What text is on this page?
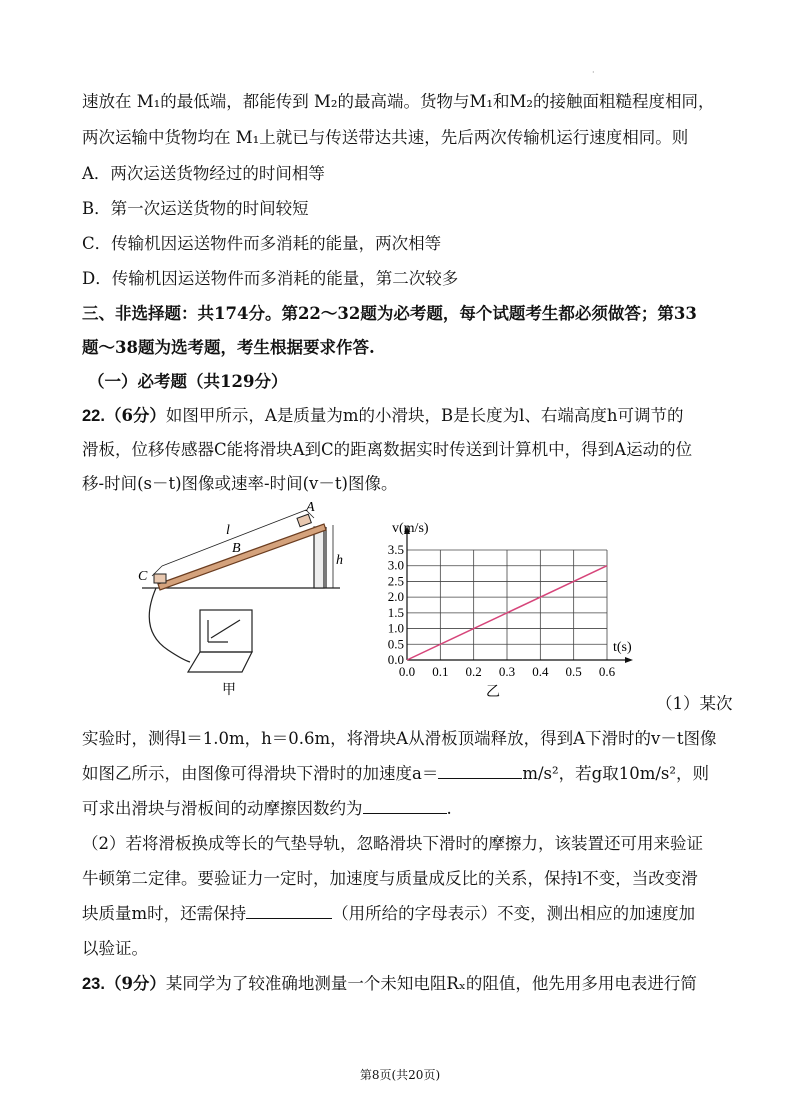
·
速放在 M₁的最低端，都能传到 M₂的最高端。货物与M₁和M₂的接触面粗糙程度相同，
两次运输中货物均在 M₁上就已与传送带达共速，先后两次传输机运行速度相同。则
A．两次运送货物经过的时间相等
B．第一次运送货物的时间较短
C．传输机因运送物件而多消耗的能量，两次相等
D．传输机因运送物件而多消耗的能量，第二次较多
三、非选择题：共174分。第22～32题为必考题，每个试题考生都必须做答；第33
题～38题为选考题，考生根据要求作答.
（一）必考题（共129分）
22.（6分）如图甲所示，A是质量为m的小滑块，B是长度为l、右端高度h可调节的
滑板，位移传感器C能将滑块A到C的距离数据实时传送到计算机中，得到A运动的位
移-时间(s－t)图像或速率-时间(v－t)图像。
甲
A
B
C
l
h
0.0 0.1 0.2 0.3 0.4 0.5 0.6
0.0
0.5
1.0
1.5
2.0
2.5
3.0
3.5
v(m/s)
t(s)
乙
（1）某次
实验时，测得l＝1.0m，h＝0.6m，将滑块A从滑板顶端释放，得到A下滑时的v－t图像
如图乙所示，由图像可得滑块下滑时的加速度a＝	m/s²，若g取10m/s²，则
可求出滑块与滑板间的动摩擦因数约为	.
（2）若将滑板换成等长的气垫导轨，忽略滑块下滑时的摩擦力，该装置还可用来验证
牛顿第二定律。要验证力一定时，加速度与质量成反比的关系，保持l不变，当改变滑
块质量m时，还需保持	（用所给的字母表示）不变，测出相应的加速度加
以验证。
23.（9分）某同学为了较准确地测量一个未知电阻Rₓ的阻值，他先用多用电表进行简
第8页(共20页)
